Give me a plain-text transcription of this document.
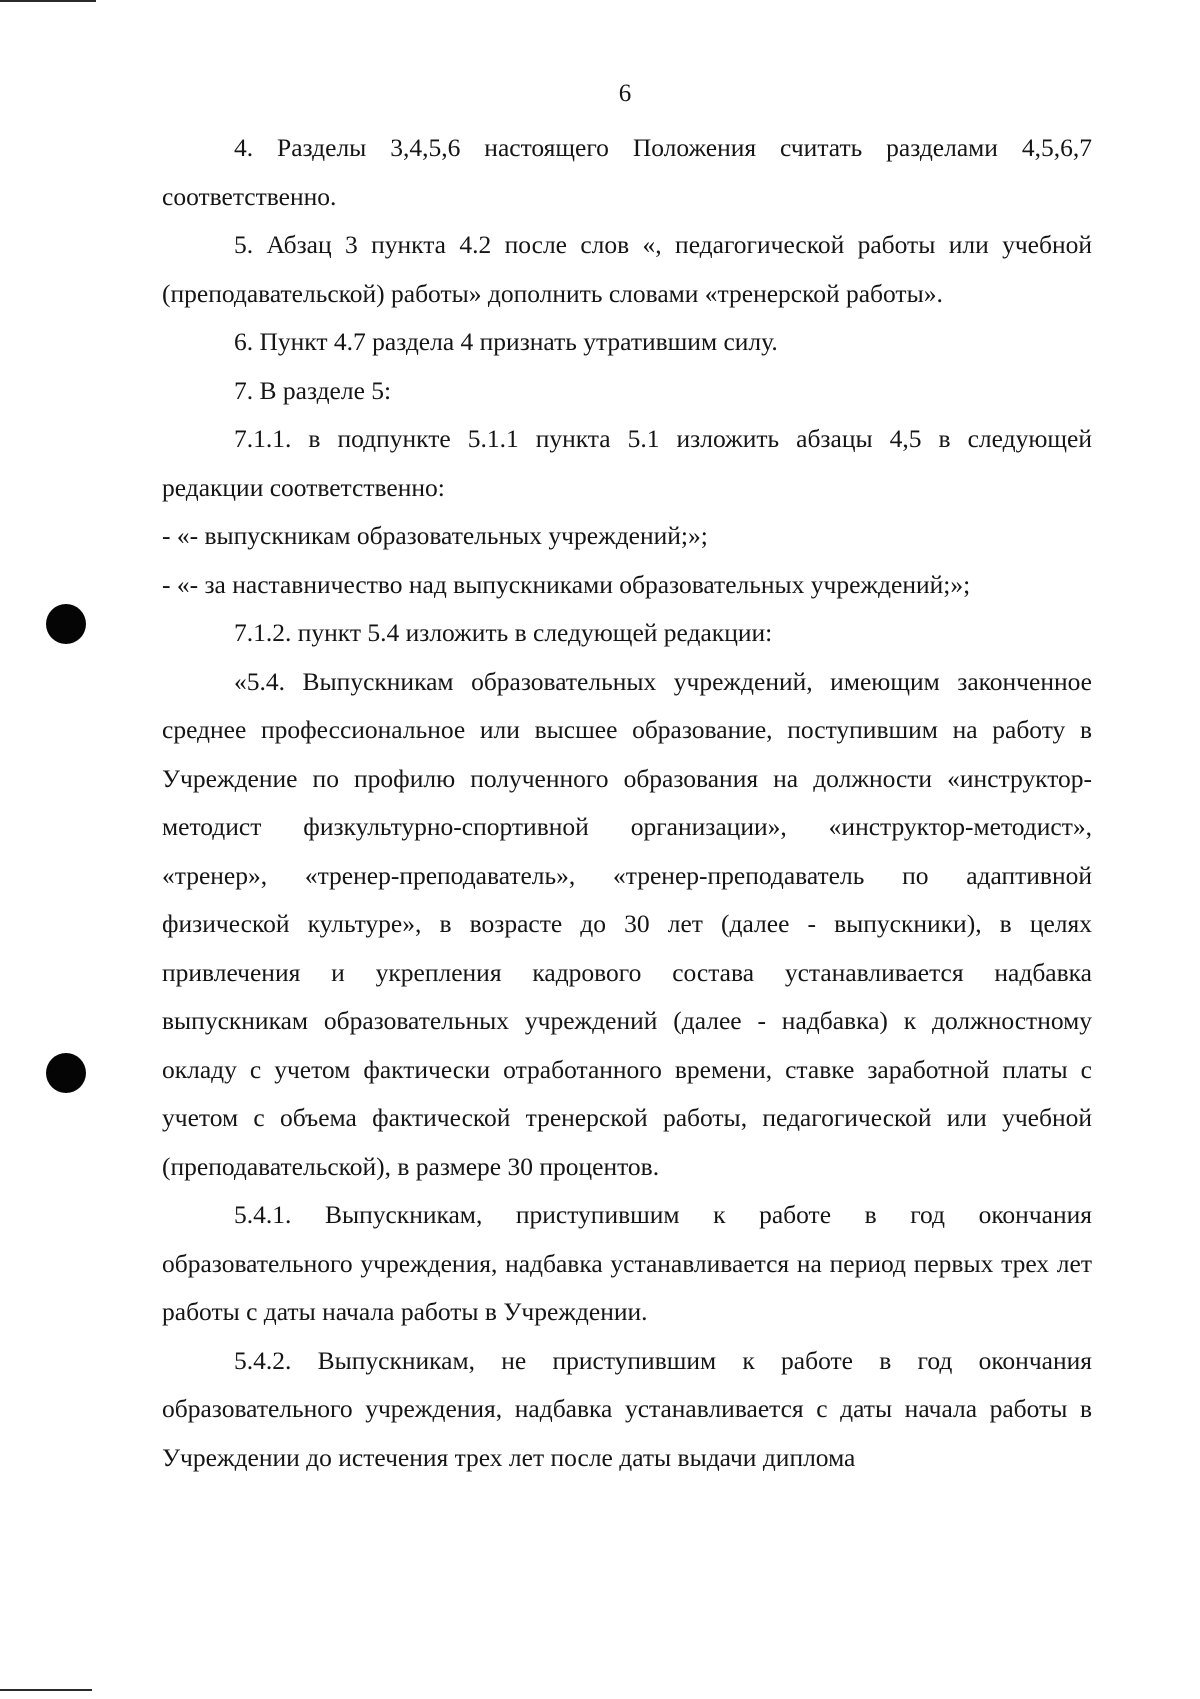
6

4. Разделы 3,4,5,6 настоящего Положения считать разделами 4,5,6,7 соответственно.

5. Абзац 3 пункта 4.2 после слов «, педагогической работы или учебной (преподавательской) работы» дополнить словами «тренерской работы».

6. Пункт 4.7 раздела 4 признать утратившим силу.

7. В разделе 5:

7.1.1. в подпункте 5.1.1 пункта 5.1 изложить абзацы 4,5 в следующей редакции соответственно:

- «- выпускникам образовательных учреждений;»;

- «- за наставничество над выпускниками образовательных учреждений;»;

7.1.2. пункт 5.4 изложить в следующей редакции:

«5.4. Выпускникам образовательных учреждений, имеющим законченное среднее профессиональное или высшее образование, поступившим на работу в Учреждение по профилю полученного образования на должности «инструктор-методист физкультурно-спортивной организации», «инструктор-методист», «тренер», «тренер-преподаватель», «тренер-преподаватель по адаптивной физической культуре», в возрасте до 30 лет (далее - выпускники), в целях привлечения и укрепления кадрового состава устанавливается надбавка выпускникам образовательных учреждений (далее - надбавка) к должностному окладу с учетом фактически отработанного времени, ставке заработной платы с учетом с объема фактической тренерской работы, педагогической или учебной (преподавательской), в размере 30 процентов.

5.4.1. Выпускникам, приступившим к работе в год окончания образовательного учреждения, надбавка устанавливается на период первых трех лет работы с даты начала работы в Учреждении.

5.4.2. Выпускникам, не приступившим к работе в год окончания образовательного учреждения, надбавка устанавливается с даты начала работы в Учреждении до истечения трех лет после даты выдачи диплома
